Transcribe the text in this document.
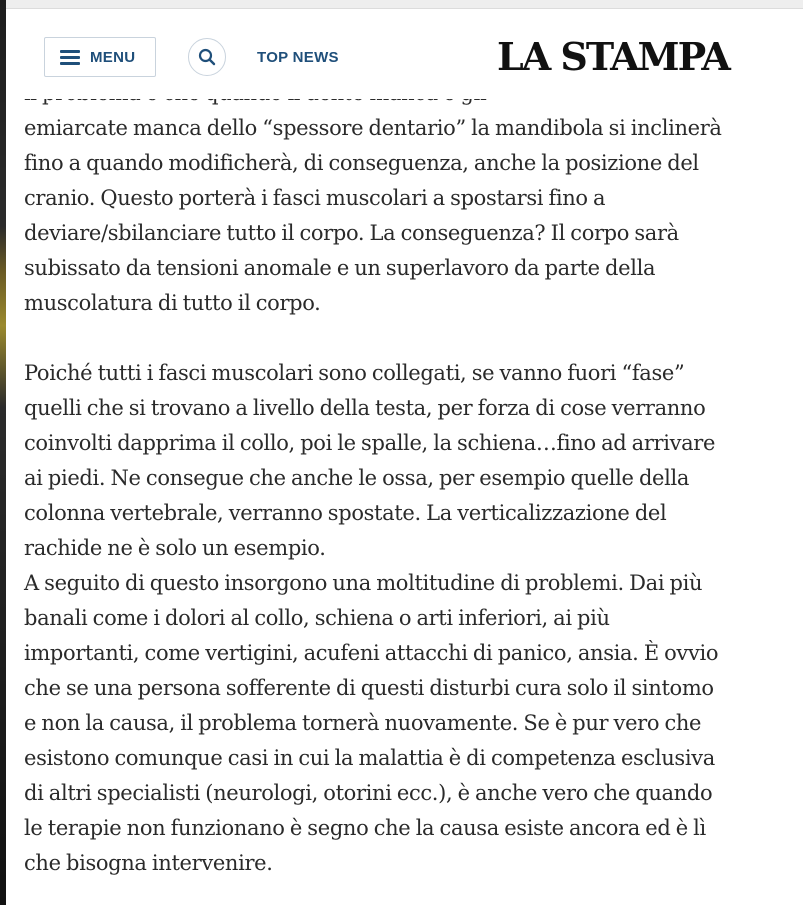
MENU	TOP NEWS	LA STAMPA

emiarcate manca dello “spessore dentario” la mandibola si inclinerà
fino a quando modificherà, di conseguenza, anche la posizione del
cranio. Questo porterà i fasci muscolari a spostarsi fino a
deviare/sbilanciare tutto il corpo. La conseguenza? Il corpo sarà
subissato da tensioni anomale e un superlavoro da parte della
muscolatura di tutto il corpo.

Poiché tutti i fasci muscolari sono collegati, se vanno fuori “fase”
quelli che si trovano a livello della testa, per forza di cose verranno
coinvolti dapprima il collo, poi le spalle, la schiena…fino ad arrivare
ai piedi. Ne consegue che anche le ossa, per esempio quelle della
colonna vertebrale, verranno spostate. La verticalizzazione del
rachide ne è solo un esempio.

A seguito di questo insorgono una moltitudine di problemi. Dai più
banali come i dolori al collo, schiena o arti inferiori, ai più
importanti, come vertigini, acufeni attacchi di panico, ansia. È ovvio
che se una persona sofferente di questi disturbi cura solo il sintomo
e non la causa, il problema tornerà nuovamente. Se è pur vero che
esistono comunque casi in cui la malattia è di competenza esclusiva
di altri specialisti (neurologi, otorini ecc.), è anche vero che quando
le terapie non funzionano è segno che la causa esiste ancora ed è lì
che bisogna intervenire.
